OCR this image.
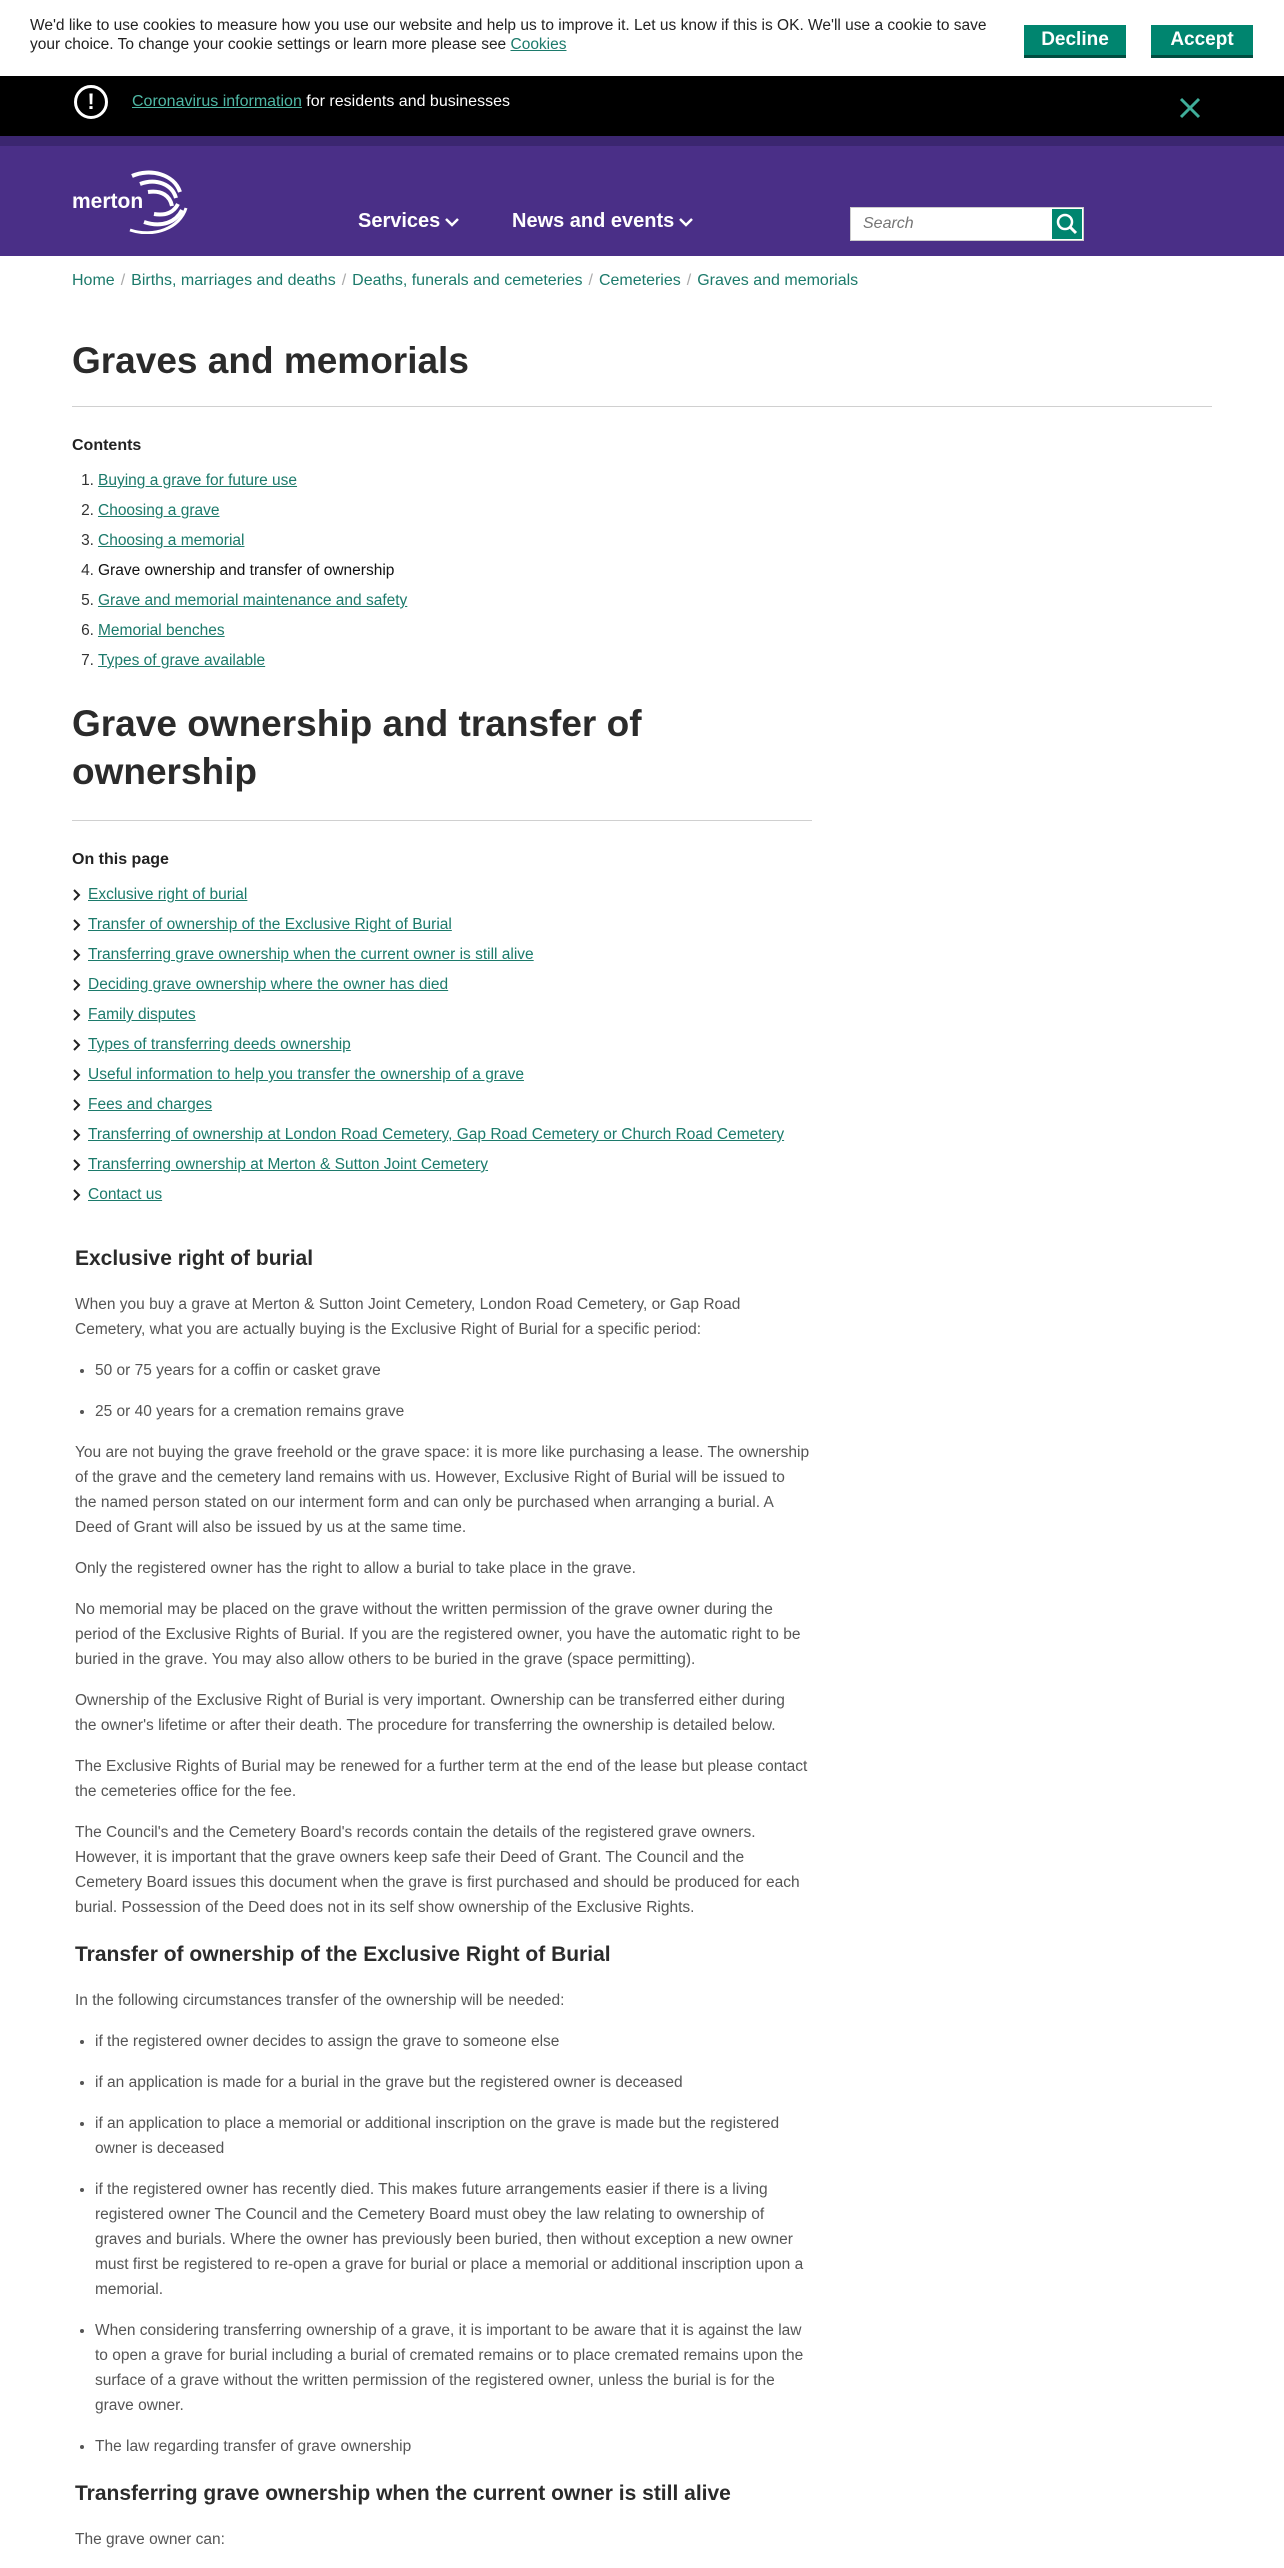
We'd like to use cookies to measure how you use our website and help us to improve it. Let us know if this is OK. We'll use a cookie to save your choice. To change your cookie settings or learn more please see Cookies	Decline	Accept
!	Coronavirus information for residents and businesses
merton
Services	News and events
Search
Home / Births, marriages and deaths / Deaths, funerals and cemeteries / Cemeteries / Graves and memorials
Graves and memorials
Contents
1. Buying a grave for future use
2. Choosing a grave
3. Choosing a memorial
4. Grave ownership and transfer of ownership
5. Grave and memorial maintenance and safety
6. Memorial benches
7. Types of grave available
Grave ownership and transfer of ownership
On this page
Exclusive right of burial
Transfer of ownership of the Exclusive Right of Burial
Transferring grave ownership when the current owner is still alive
Deciding grave ownership where the owner has died
Family disputes
Types of transferring deeds ownership
Useful information to help you transfer the ownership of a grave
Fees and charges
Transferring of ownership at London Road Cemetery, Gap Road Cemetery or Church Road Cemetery
Transferring ownership at Merton & Sutton Joint Cemetery
Contact us
Exclusive right of burial

When you buy a grave at Merton & Sutton Joint Cemetery, London Road Cemetery, or Gap Road Cemetery, what you are actually buying is the Exclusive Right of Burial for a specific period:

• 50 or 75 years for a coffin or casket grave
• 25 or 40 years for a cremation remains grave

You are not buying the grave freehold or the grave space: it is more like purchasing a lease. The ownership of the grave and the cemetery land remains with us. However, Exclusive Right of Burial will be issued to the named person stated on our interment form and can only be purchased when arranging a burial. A Deed of Grant will also be issued by us at the same time.

Only the registered owner has the right to allow a burial to take place in the grave.

No memorial may be placed on the grave without the written permission of the grave owner during the period of the Exclusive Rights of Burial. If you are the registered owner, you have the automatic right to be buried in the grave. You may also allow others to be buried in the grave (space permitting).

Ownership of the Exclusive Right of Burial is very important. Ownership can be transferred either during the owner's lifetime or after their death. The procedure for transferring the ownership is detailed below.

The Exclusive Rights of Burial may be renewed for a further term at the end of the lease but please contact the cemeteries office for the fee.

The Council's and the Cemetery Board's records contain the details of the registered grave owners. However, it is important that the grave owners keep safe their Deed of Grant. The Council and the Cemetery Board issues this document when the grave is first purchased and should be produced for each burial. Possession of the Deed does not in its self show ownership of the Exclusive Rights.

Transfer of ownership of the Exclusive Right of Burial

In the following circumstances transfer of the ownership will be needed:

• if the registered owner decides to assign the grave to someone else
• if an application is made for a burial in the grave but the registered owner is deceased
• if an application to place a memorial or additional inscription on the grave is made but the registered owner is deceased
• if the registered owner has recently died. This makes future arrangements easier if there is a living registered owner The Council and the Cemetery Board must obey the law relating to ownership of graves and burials. Where the owner has previously been buried, then without exception a new owner must first be registered to re-open a grave for burial or place a memorial or additional inscription upon a memorial.
• When considering transferring ownership of a grave, it is important to be aware that it is against the law to open a grave for burial including a burial of cremated remains or to place cremated remains upon the surface of a grave without the written permission of the registered owner, unless the burial is for the grave owner.
• The law regarding transfer of grave ownership
Transferring grave ownership when the current owner is still alive

The grave owner can:
